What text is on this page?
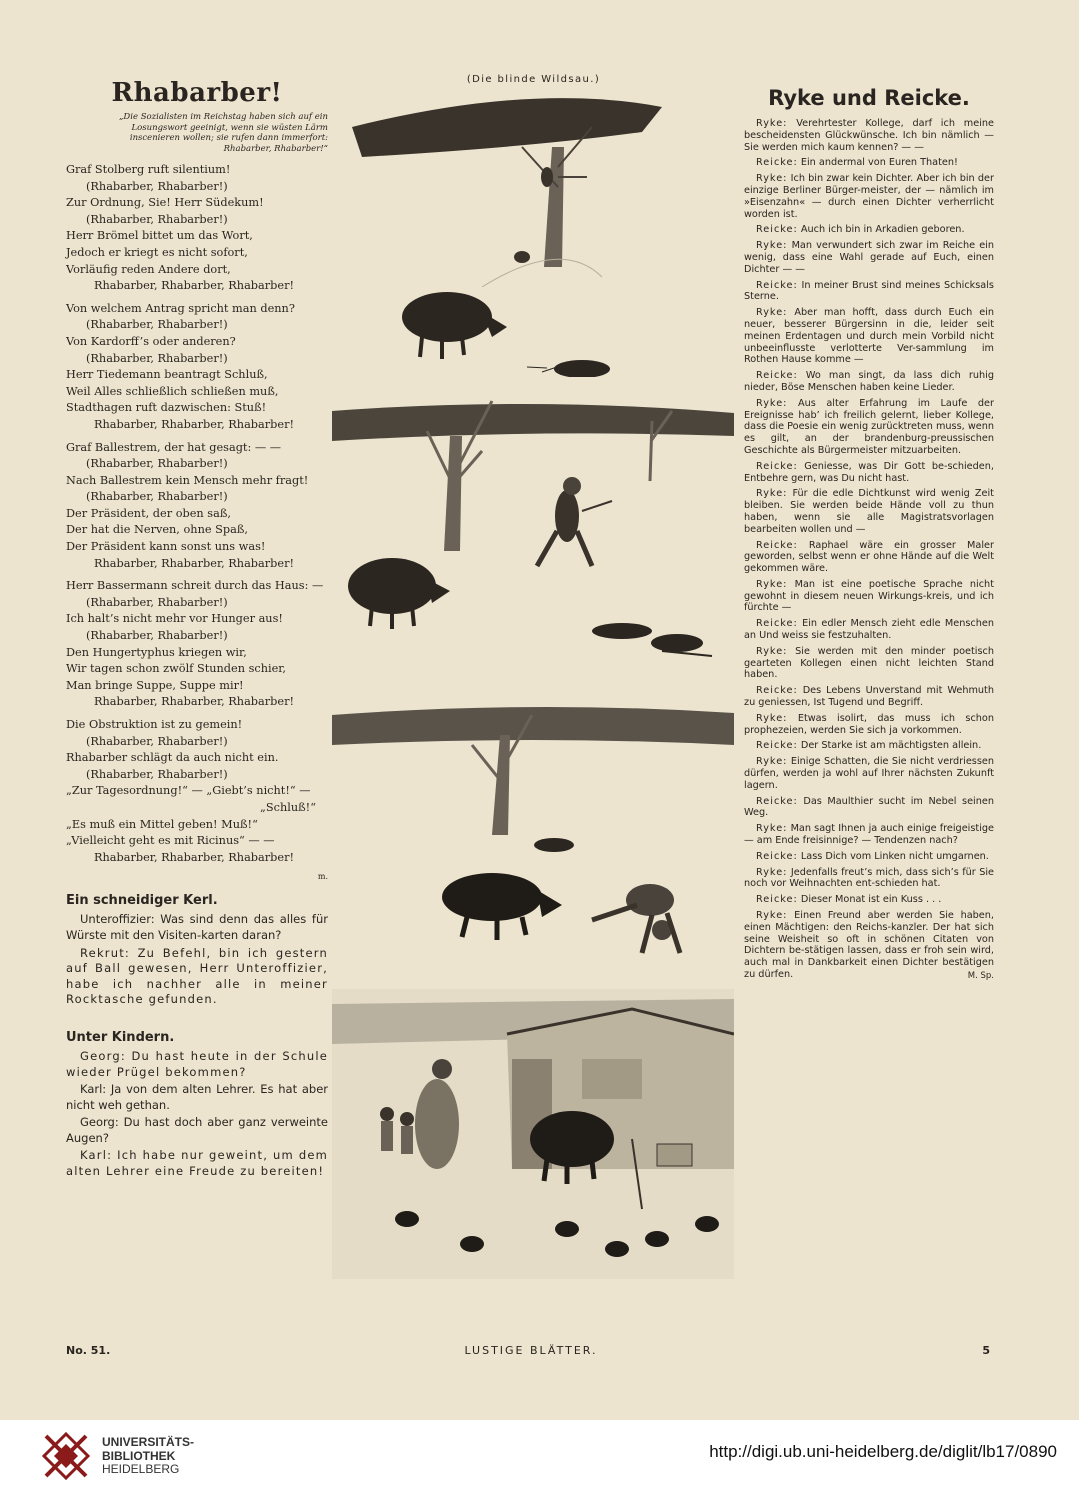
Rhabarber!
„Die Sozialisten im Reichstag haben sich auf ein Losungswort geeinigt, wenn sie wüsten Lärm inscenieren wollen; sie rufen dann immerfort: Rhabarber, Rhabarber!“
Graf Stolberg ruft silentium!
(Rhabarber, Rhabarber!)
Zur Ordnung, Sie! Herr Südekum!
(Rhabarber, Rhabarber!)
Herr Brömel bittet um das Wort,
Jedoch er kriegt es nicht sofort,
Vorläufig reden Andere dort,
Rhabarber, Rhabarber, Rhabarber!
Von welchem Antrag spricht man denn?
(Rhabarber, Rhabarber!)
Von Kardorff’s oder anderen?
(Rhabarber, Rhabarber!)
Herr Tiedemann beantragt Schluß,
Weil Alles schließlich schließen muß,
Stadthagen ruft dazwischen: Stuß!
Rhabarber, Rhabarber, Rhabarber!
Graf Ballestrem, der hat gesagt: — —
(Rhabarber, Rhabarber!)
Nach Ballestrem kein Mensch mehr fragt!
(Rhabarber, Rhabarber!)
Der Präsident, der oben saß,
Der hat die Nerven, ohne Spaß,
Der Präsident kann sonst uns was!
Rhabarber, Rhabarber, Rhabarber!
Herr Bassermann schreit durch das Haus: —
(Rhabarber, Rhabarber!)
Ich halt’s nicht mehr vor Hunger aus!
(Rhabarber, Rhabarber!)
Den Hungertyphus kriegen wir,
Wir tagen schon zwölf Stunden schier,
Man bringe Suppe, Suppe mir!
Rhabarber, Rhabarber, Rhabarber!
Die Obstruktion ist zu gemein!
(Rhabarber, Rhabarber!)
Rhabarber schlägt da auch nicht ein.
(Rhabarber, Rhabarber!)
„Zur Tagesordnung!“ — „Giebt’s nicht!“ —
„Schluß!“
„Es muß ein Mittel geben! Muß!“
„Vielleicht geht es mit Ricinus“ — —
Rhabarber, Rhabarber, Rhabarber!
m.
Ein schneidiger Kerl.

Unteroffizier: Was sind denn das alles für Würste mit den Visiten-karten daran?

Rekrut: Zu Befehl, bin ich gestern auf Ball gewesen, Herr Unteroffizier, habe ich nachher alle in meiner Rocktasche gefunden.

Unter Kindern.

Georg: Du hast heute in der Schule wieder Prügel bekommen?

Karl: Ja von dem alten Lehrer. Es hat aber nicht weh gethan.

Georg: Du hast doch aber ganz verweinte Augen?

Karl: Ich habe nur geweint, um dem alten Lehrer eine Freude zu bereiten!

(Die blinde Wildsau.)
Ryke und Reicke.

Ryke: Verehrtester Kollege, darf ich meine bescheidensten Glückwünsche. Ich bin nämlich — Sie werden mich kaum kennen? — —

Reicke: Ein andermal von Euren Thaten!

Ryke: Ich bin zwar kein Dichter. Aber ich bin der einzige Berliner Bürger-meister, der — nämlich im »Eisenzahn« — durch einen Dichter verherrlicht worden ist.

Reicke: Auch ich bin in Arkadien geboren.

Ryke: Man verwundert sich zwar im Reiche ein wenig, dass eine Wahl gerade auf Euch, einen Dichter — —

Reicke: In meiner Brust sind meines Schicksals Sterne.

Ryke: Aber man hofft, dass durch Euch ein neuer, besserer Bürgersinn in die, leider seit meinen Erdentagen und durch mein Vorbild nicht unbeeinflusste verlotterte Ver-sammlung im Rothen Hause komme —

Reicke: Wo man singt, da lass dich ruhig nieder, Böse Menschen haben keine Lieder.

Ryke: Aus alter Erfahrung im Laufe der Ereignisse hab’ ich freilich gelernt, lieber Kollege, dass die Poesie ein wenig zurücktreten muss, wenn es gilt, an der brandenburg-preussischen Geschichte als Bürgermeister mitzuarbeiten.

Reicke: Geniesse, was Dir Gott be-schieden, Entbehre gern, was Du nicht hast.

Ryke: Für die edle Dichtkunst wird wenig Zeit bleiben. Sie werden beide Hände voll zu thun haben, wenn sie alle Magistratsvorlagen bearbeiten wollen und —

Reicke: Raphael wäre ein grosser Maler geworden, selbst wenn er ohne Hände auf die Welt gekommen wäre.

Ryke: Man ist eine poetische Sprache nicht gewohnt in diesem neuen Wirkungs-kreis, und ich fürchte —

Reicke: Ein edler Mensch zieht edle Menschen an Und weiss sie festzuhalten.

Ryke: Sie werden mit den minder poetisch gearteten Kollegen einen nicht leichten Stand haben.

Reicke: Des Lebens Unverstand mit Wehmuth zu geniessen, Ist Tugend und Begriff.

Ryke: Etwas isolirt, das muss ich schon prophezeien, werden Sie sich ja vorkommen.

Reicke: Der Starke ist am mächtigsten allein.

Ryke: Einige Schatten, die Sie nicht verdriessen dürfen, werden ja wohl auf Ihrer nächsten Zukunft lagern.

Reicke: Das Maulthier sucht im Nebel seinen Weg.

Ryke: Man sagt Ihnen ja auch einige freigeistige — am Ende freisinnige? — Tendenzen nach?

Reicke: Lass Dich vom Linken nicht umgarnen.

Ryke: Jedenfalls freut’s mich, dass sich’s für Sie noch vor Weihnachten ent-schieden hat.

Reicke: Dieser Monat ist ein Kuss . . .

Ryke: Einen Freund aber werden Sie haben, einen Mächtigen: den Reichs-kanzler. Der hat sich seine Weisheit so oft in schönen Citaten von Dichtern be-stätigen lassen, dass er froh sein wird, auch mal in Dankbarkeit einen Dichter bestätigen zu dürfen.	M. Sp.
No. 51.	LUSTIGE BLÄTTER.	5
UNIVERSITÄTS-
BIBLIOTHEK
HEIDELBERG
http://digi.ub.uni-heidelberg.de/diglit/lb17/0890
